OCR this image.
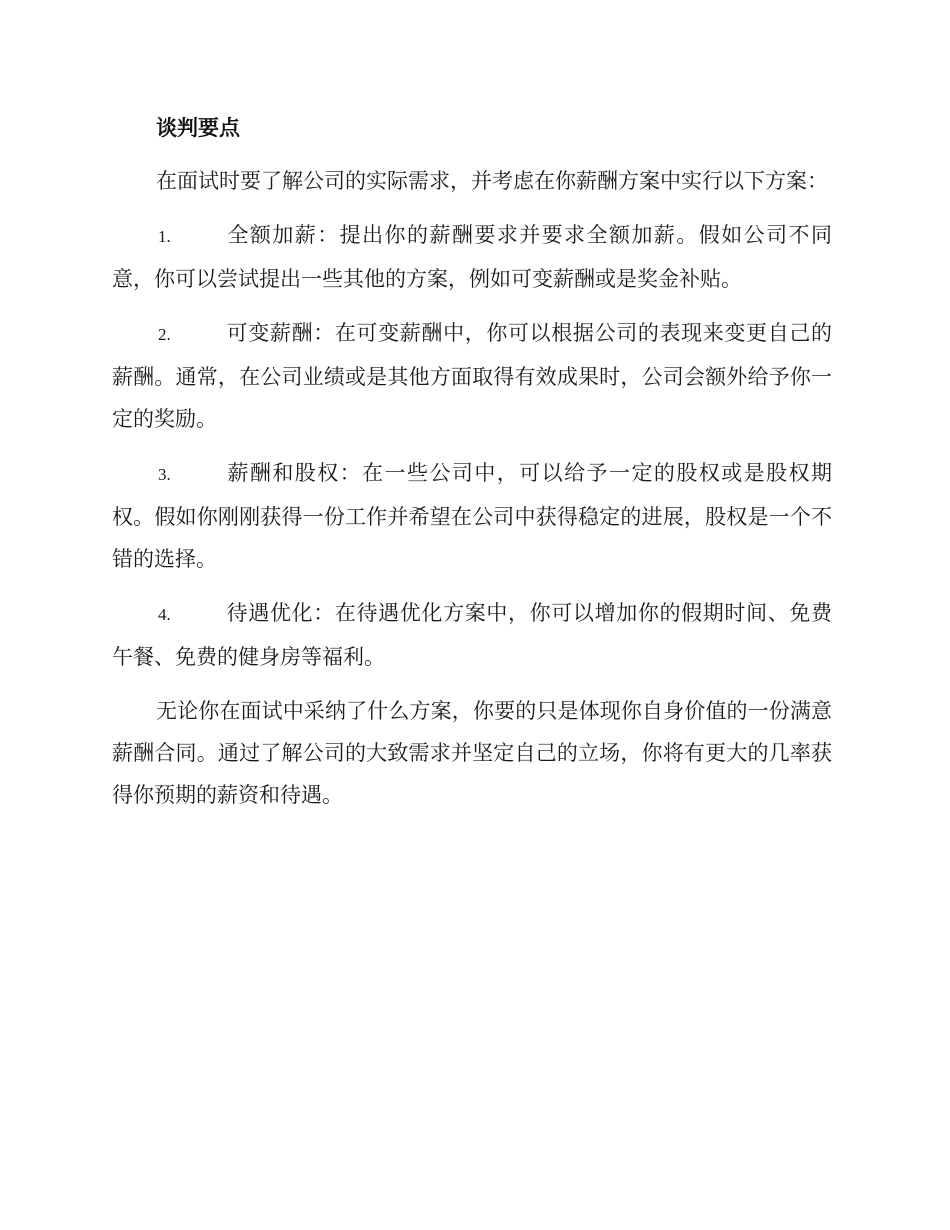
谈判要点

在面试时要了解公司的实际需求，并考虑在你薪酬方案中实行以下方案：

1.	全额加薪：提出你的薪酬要求并要求全额加薪。假如公司不同意，你可以尝试提出一些其他的方案，例如可变薪酬或是奖金补贴。

2.	可变薪酬：在可变薪酬中，你可以根据公司的表现来变更自己的薪酬。通常，在公司业绩或是其他方面取得有效成果时，公司会额外给予你一定的奖励。

3.	薪酬和股权：在一些公司中，可以给予一定的股权或是股权期权。假如你刚刚获得一份工作并希望在公司中获得稳定的进展，股权是一个不错的选择。

4.	待遇优化：在待遇优化方案中，你可以增加你的假期时间、免费午餐、免费的健身房等福利。

无论你在面试中采纳了什么方案，你要的只是体现你自身价值的一份满意薪酬合同。通过了解公司的大致需求并坚定自己的立场，你将有更大的几率获得你预期的薪资和待遇。
